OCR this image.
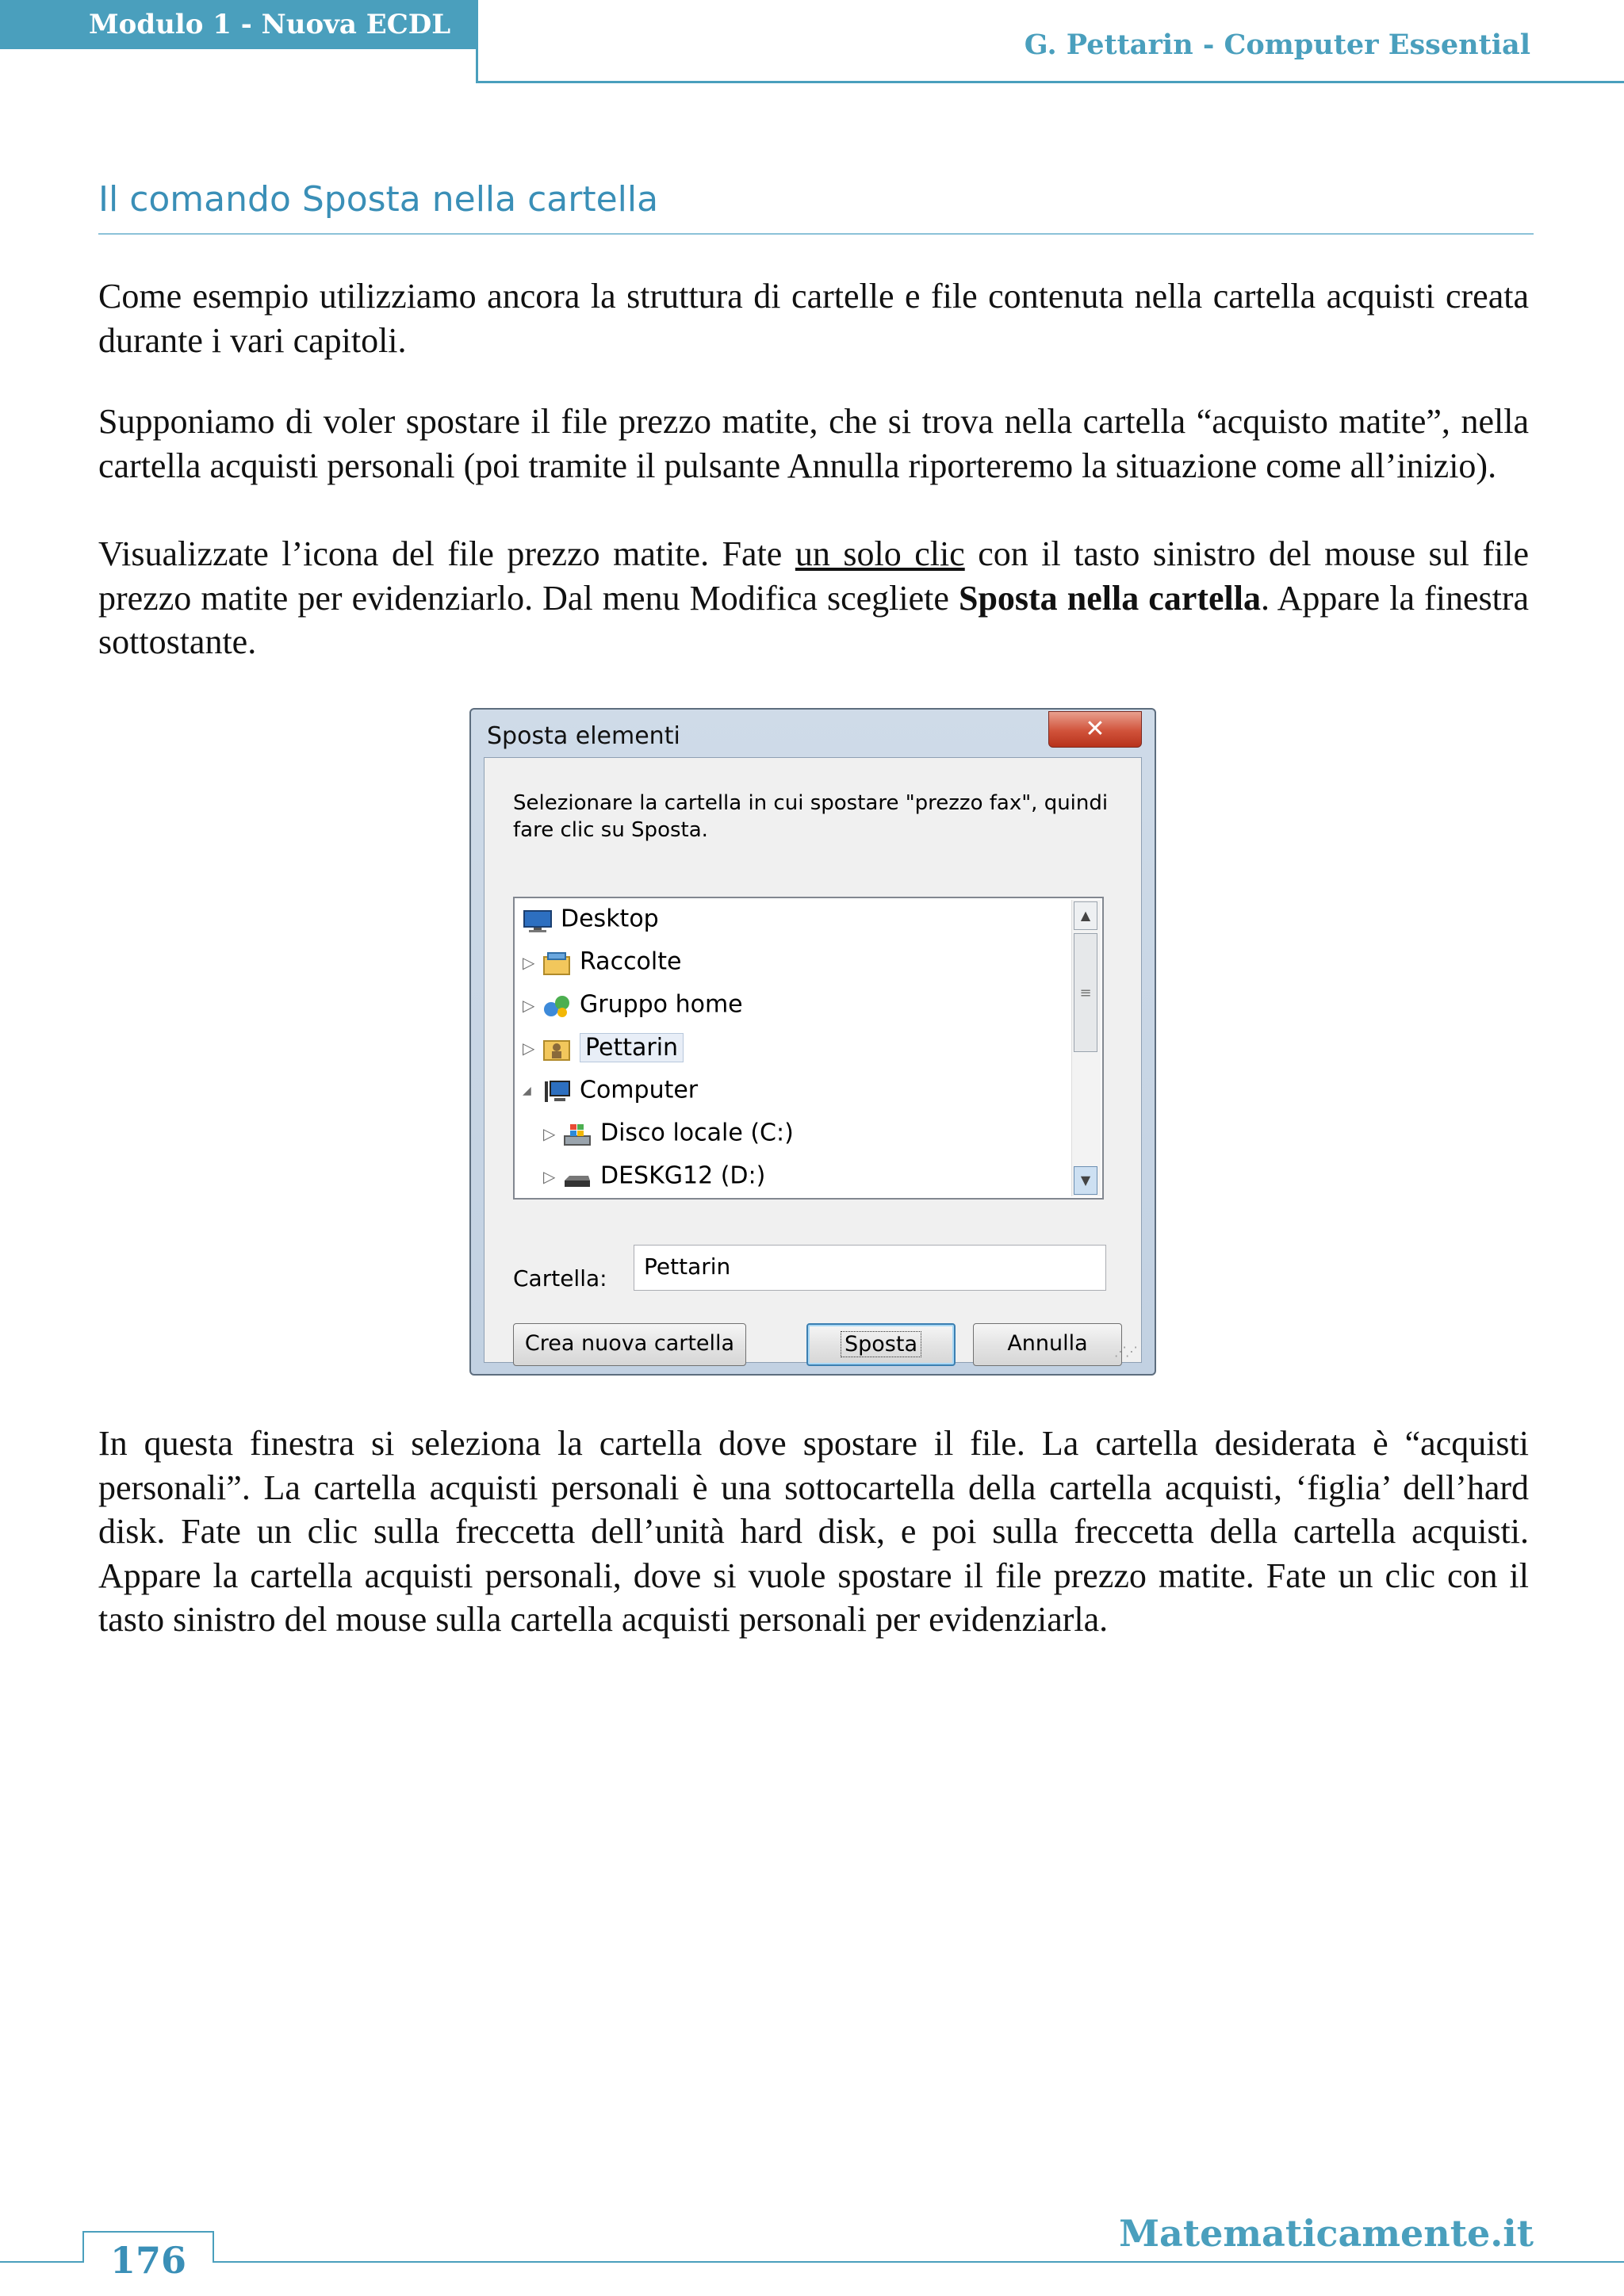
Modulo 1 - Nuova ECDL
G. Pettarin - Computer Essential
Il comando Sposta nella cartella

Come esempio utilizziamo ancora la struttura di cartelle e file contenuta nella cartella acquisti creata durante i vari capitoli.

Supponiamo di voler spostare il file prezzo matite, che si trova nella cartella “acquisto matite”, nella cartella acquisti personali (poi tramite il pulsante Annulla riporteremo la situazione come all’inizio).

Visualizzate l’icona del file prezzo matite. Fate un solo clic con il tasto sinistro del mouse sul file prezzo matite per evidenziarlo. Dal menu Modifica scegliete Sposta nella cartella. Appare la finestra sottostante.

Sposta elementi	✕
Selezionare la cartella in cui spostare "prezzo fax", quindi fare clic su Sposta.
Desktop
▷ Raccolte
▷ Gruppo home
▷ Pettarin
◢ Computer
▷ Disco locale (C:)
▷ DESKG12 (D:)
▲
≡
▼
Cartella:	Pettarin
Crea nuova cartella	Sposta	Annulla	⋰⋰

In questa finestra si seleziona la cartella dove spostare il file. La cartella desiderata è “acquisti personali”. La cartella acquisti personali è una sottocartella della cartella acquisti, ‘figlia’ dell’hard disk. Fate un clic sulla freccetta dell’unità hard disk, e poi sulla freccetta della cartella acquisti. Appare la cartella acquisti personali, dove si vuole spostare il file prezzo matite. Fate un clic con il tasto sinistro del mouse sulla cartella acquisti personali per evidenziarla.

176
Matematicamente.it
